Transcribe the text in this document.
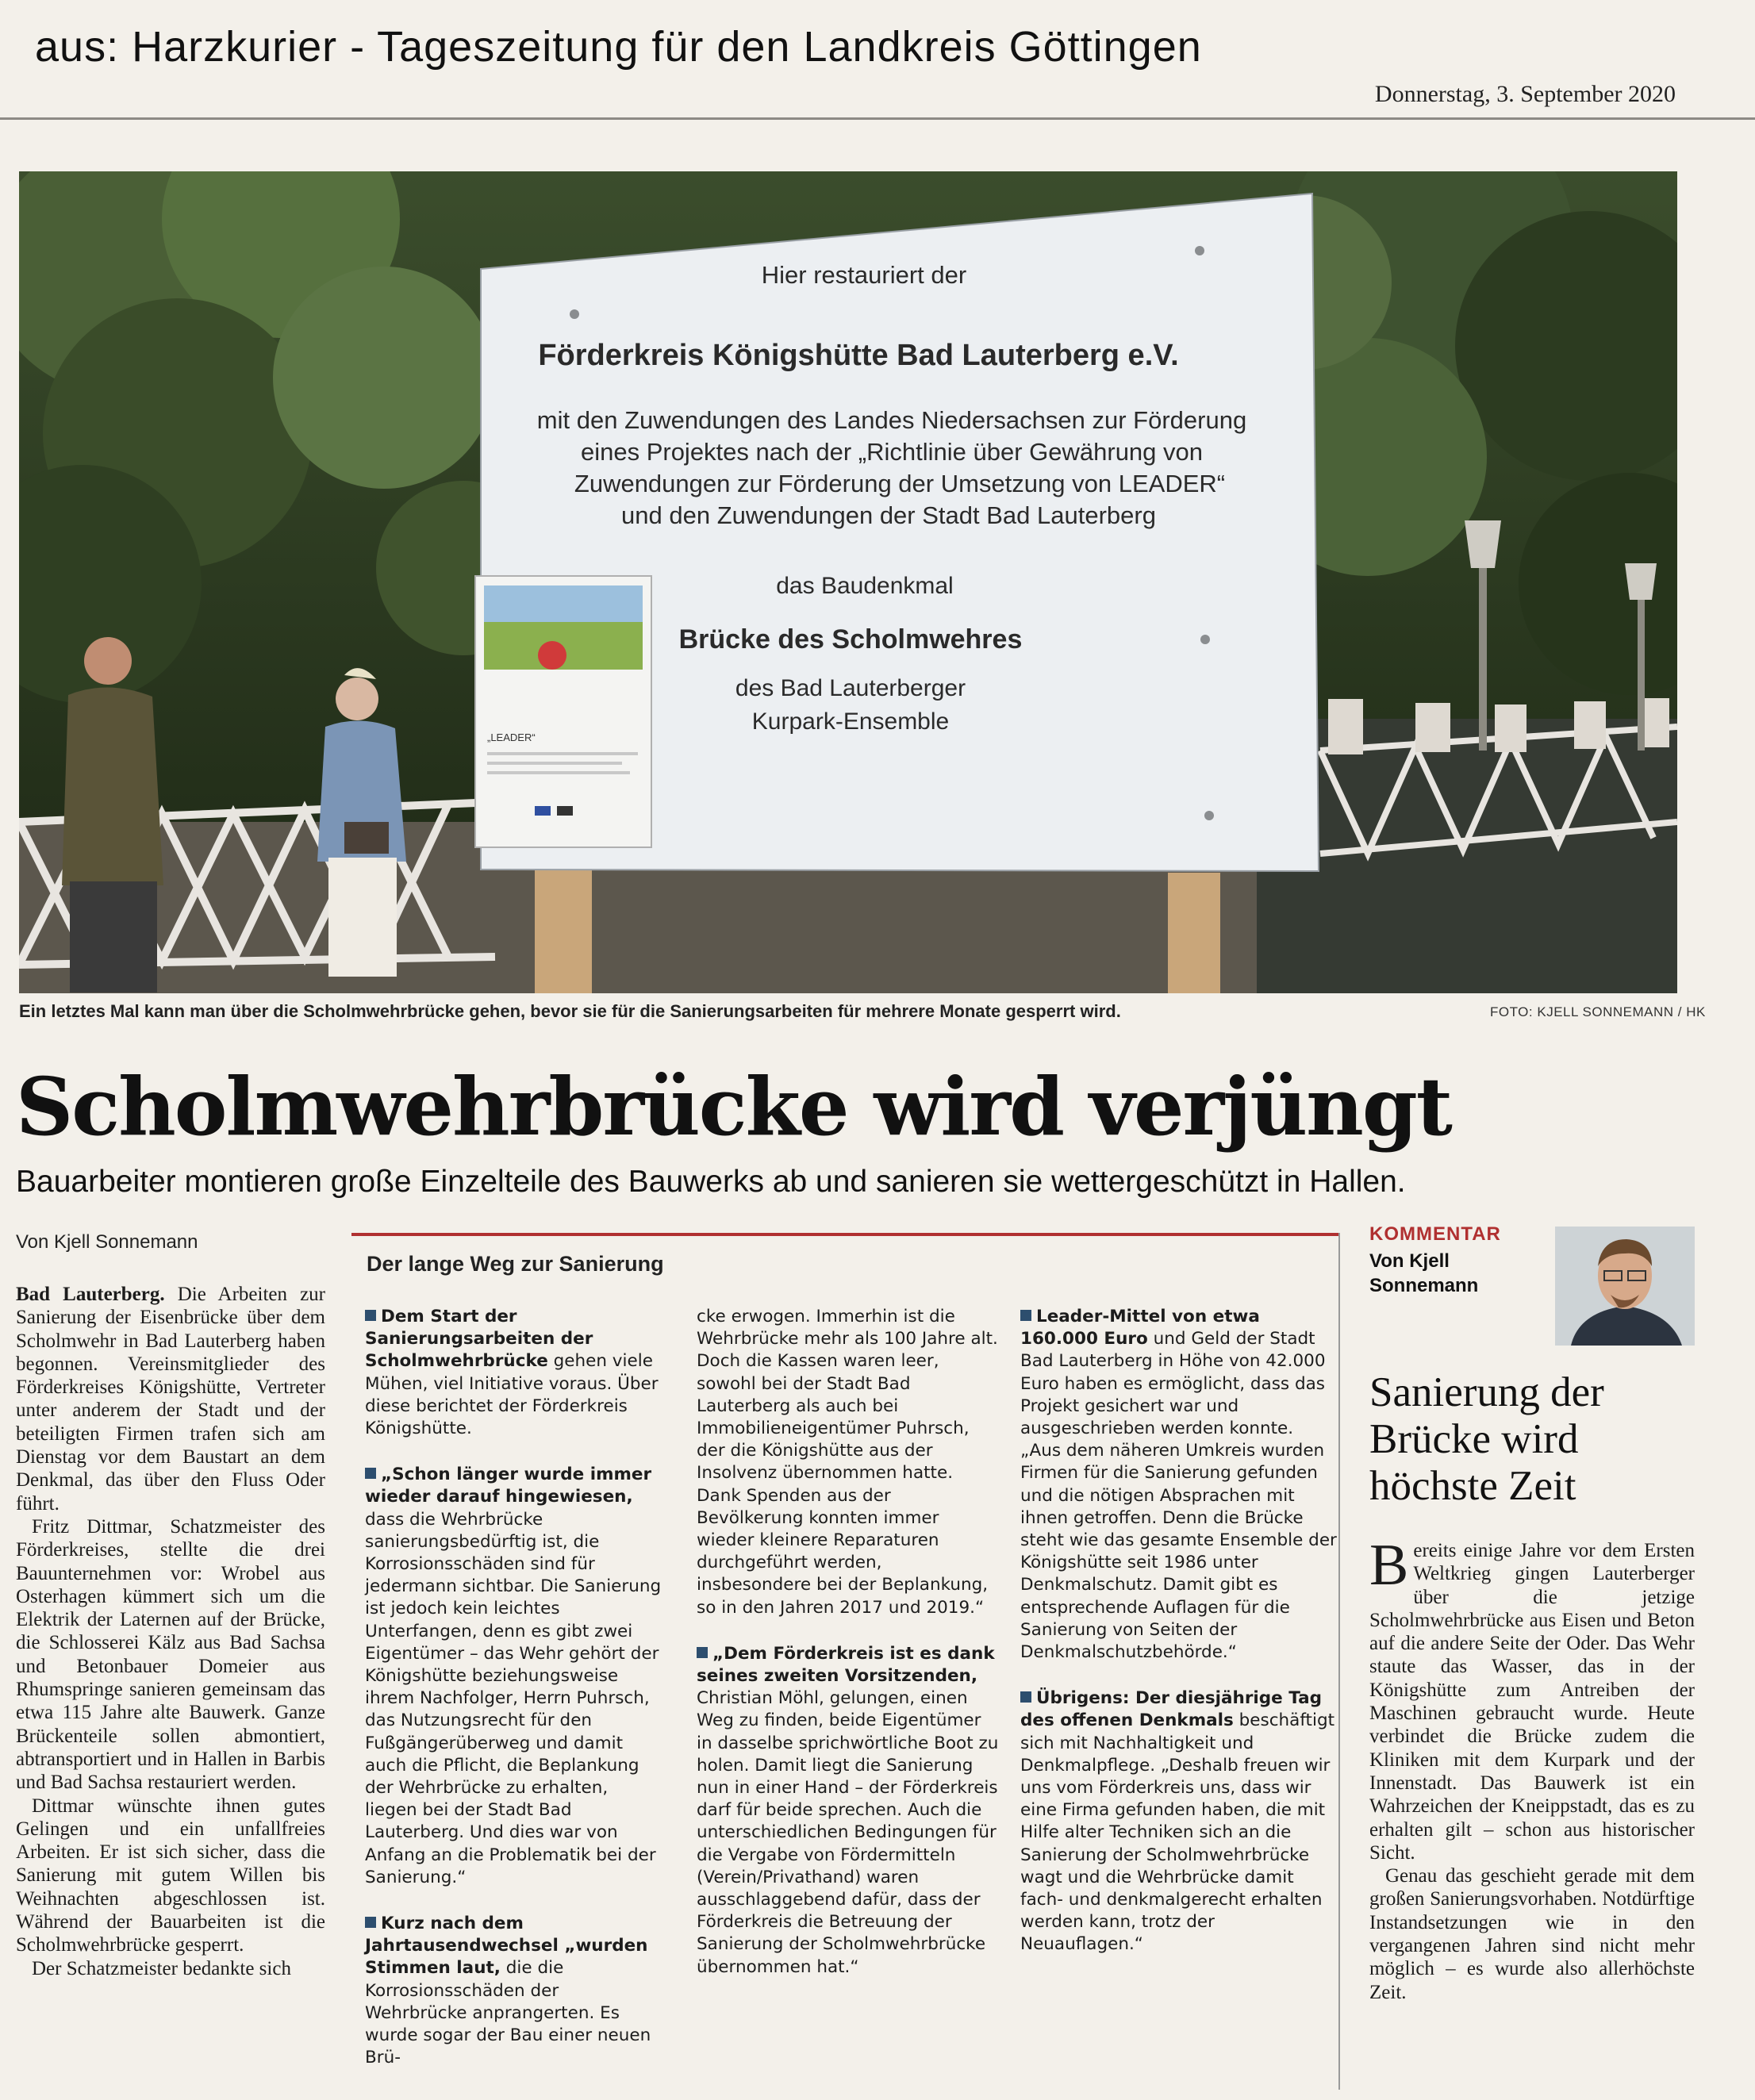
aus: Harzkurier - Tageszeitung für den Landkreis Göttingen
Donnerstag, 3. September 2020
Hier restauriert der
Förderkreis Königshütte Bad Lauterberg e.V.
mit den Zuwendungen des Landes Niedersachsen zur Förderung
eines Projektes nach der „Richtlinie über Gewährung von
Zuwendungen zur Förderung der Umsetzung von LEADER“
und den Zuwendungen der Stadt Bad Lauterberg
das Baudenkmal
Brücke des Scholmwehres
des Bad Lauterberger
Kurpark-Ensemble
„LEADER“
Ein letztes Mal kann man über die Scholmwehrbrücke gehen, bevor sie für die Sanierungsarbeiten für mehrere Monate gesperrt wird.	FOTO: KJELL SONNEMANN / HK
Scholmwehrbrücke wird verjüngt
Bauarbeiter montieren große Einzelteile des Bauwerks ab und sanieren sie wettergeschützt in Hallen.
Von Kjell Sonnemann

Bad Lauterberg. Die Arbeiten zur Sanierung der Eisenbrücke über dem Scholmwehr in Bad Lauterberg haben begonnen. Vereinsmitglieder des Förderkreises Königshütte, Vertreter unter anderem der Stadt und der beteiligten Firmen trafen sich am Dienstag vor dem Baustart an dem Denkmal, das über den Fluss Oder führt.

Fritz Dittmar, Schatzmeister des Förderkreises, stellte die drei Bauunternehmen vor: Wrobel aus Osterhagen kümmert sich um die Elektrik der Laternen auf der Brücke, die Schlosserei Kälz aus Bad Sachsa und Betonbauer Domeier aus Rhumspringe sanieren gemeinsam das etwa 115 Jahre alte Bauwerk. Ganze Brückenteile sollen abmontiert, abtransportiert und in Hallen in Barbis und Bad Sachsa restauriert werden.

Dittmar wünschte ihnen gutes Gelingen und ein unfallfreies Arbeiten. Er ist sich sicher, dass die Sanierung mit gutem Willen bis Weihnachten abgeschlossen ist. Während der Bauarbeiten ist die Scholmwehrbrücke gesperrt.

Der Schatzmeister bedankte sich

Der lange Weg zur Sanierung

Dem Start der Sanierungsarbeiten der Scholmwehrbrücke gehen viele Mühen, viel Initiative voraus. Über diese berichtet der Förderkreis Königshütte.

„Schon länger wurde immer wieder darauf hingewiesen, dass die Wehrbrücke sanierungsbedürftig ist, die Korrosionsschäden sind für jedermann sichtbar. Die Sanierung ist jedoch kein leichtes Unterfangen, denn es gibt zwei Eigentümer – das Wehr gehört der Königshütte beziehungsweise ihrem Nachfolger, Herrn Puhrsch, das Nutzungsrecht für den Fußgängerüberweg und damit auch die Pflicht, die Beplankung der Wehrbrücke zu erhalten, liegen bei der Stadt Bad Lauterberg. Und dies war von Anfang an die Problematik bei der Sanierung.“

Kurz nach dem Jahrtausendwechsel „wurden Stimmen laut, die die Korrosionsschäden der Wehrbrücke anprangerten. Es wurde sogar der Bau einer neuen Brü-

cke erwogen. Immerhin ist die Wehrbrücke mehr als 100 Jahre alt. Doch die Kassen waren leer, sowohl bei der Stadt Bad Lauterberg als auch bei Immobilieneigentümer Puhrsch, der die Königshütte aus der Insolvenz übernommen hatte. Dank Spenden aus der Bevölkerung konnten immer wieder kleinere Reparaturen durchgeführt werden, insbesondere bei der Beplankung, so in den Jahren 2017 und 2019.“

„Dem Förderkreis ist es dank seines zweiten Vorsitzenden, Christian Möhl, gelungen, einen Weg zu finden, beide Eigentümer in dasselbe sprichwörtliche Boot zu holen. Damit liegt die Sanierung nun in einer Hand – der Förderkreis darf für beide sprechen. Auch die unterschiedlichen Bedingungen für die Vergabe von Fördermitteln (Verein/Privathand) waren ausschlaggebend dafür, dass der Förderkreis die Betreuung der Sanierung der Scholmwehrbrücke übernommen hat.“

Leader-Mittel von etwa 160.000 Euro und Geld der Stadt Bad Lauterberg in Höhe von 42.000 Euro haben es ermöglicht, dass das Projekt gesichert war und ausgeschrieben werden konnte. „Aus dem näheren Umkreis wurden Firmen für die Sanierung gefunden und die nötigen Absprachen mit ihnen getroffen. Denn die Brücke steht wie das gesamte Ensemble der Königshütte seit 1986 unter Denkmalschutz. Damit gibt es entsprechende Auflagen für die Sanierung von Seiten der Denkmalschutzbehörde.“

Übrigens: Der diesjährige Tag des offenen Denkmals beschäftigt sich mit Nachhaltigkeit und Denkmalpflege. „Deshalb freuen wir uns vom Förderkreis uns, dass wir eine Firma gefunden haben, die mit Hilfe alter Techniken sich an die Sanierung der Scholmwehrbrücke wagt und die Wehrbrücke damit fach- und denkmalgerecht erhalten werden kann, trotz der Neuauflagen.“

KOMMENTAR
Von Kjell Sonnemann
Sanierung der Brücke wird höchste Zeit

Bereits einige Jahre vor dem Ersten Weltkrieg gingen Lauterberger über die jetzige Scholmwehrbrücke aus Eisen und Beton auf die andere Seite der Oder. Das Wehr staute das Wasser, das in der Königshütte zum Antreiben der Maschinen gebraucht wurde. Heute verbindet die Brücke zudem die Kliniken mit dem Kurpark und der Innenstadt. Das Bauwerk ist ein Wahrzeichen der Kneippstadt, das es zu erhalten gilt – schon aus historischer Sicht.

Genau das geschieht gerade mit dem großen Sanierungsvorhaben. Notdürftige Instandsetzungen wie in den vergangenen Jahren sind nicht mehr möglich – es wurde also allerhöchste Zeit.
